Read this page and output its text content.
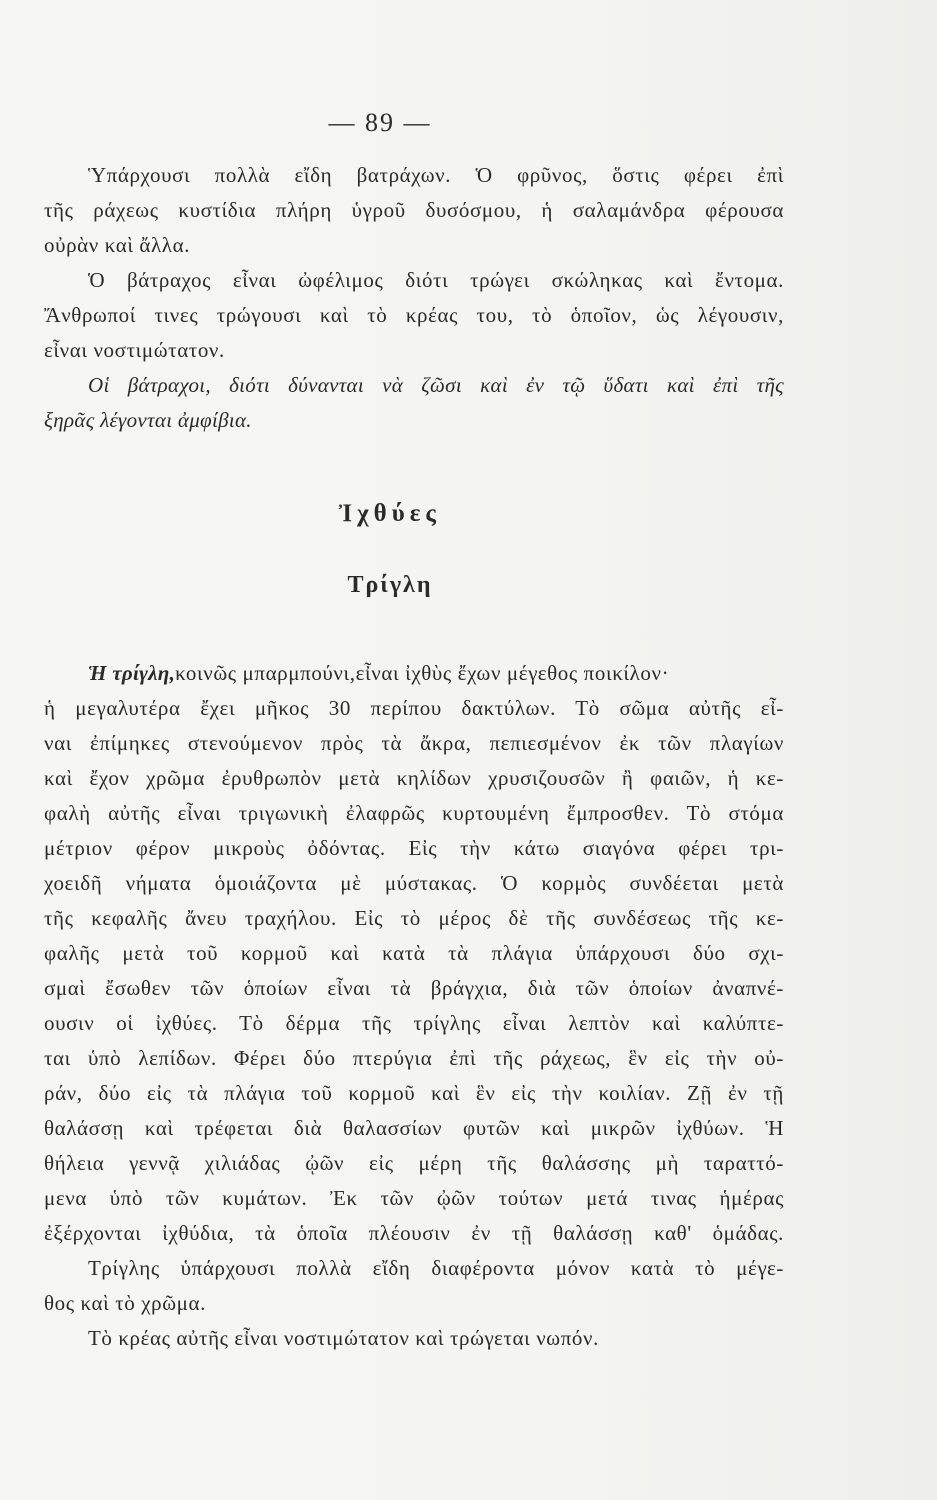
— 89 —
Ὑπάρχουσι πολλὰ εἴδη βατράχων. Ὁ φρῦνος, ὅστις φέρει ἐπὶ
τῆς ράχεως κυστίδια πλήρη ὑγροῦ δυσόσμου, ἡ σαλαμάνδρα φέρουσα
οὐρὰν καὶ ἄλλα.
Ὁ βάτραχος εἶναι ὠφέλιμος διότι τρώγει σκώληκας καὶ ἔντομα.
Ἄνθρωποί τινες τρώγουσι καὶ τὸ κρέας του, τὸ ὁποῖον, ὡς λέγουσιν,
εἶναι νοστιμώτατον.
Οἱ βάτραχοι, διότι δύνανται νὰ ζῶσι καὶ ἐν τῷ ὕδατι καὶ ἐπὶ τῆς
ξηρᾶς λέγονται ἀμφίβια.
Ἰχθύες
Τρίγλη
Ἡ τρίγλη,κοινῶς μπαρμπούνι,εἶναι ἰχθὺς ἔχων μέγεθος ποικίλον·
ἡ μεγαλυτέρα ἔχει μῆκος 30 περίπου δακτύλων. Τὸ σῶμα αὐτῆς εἶ-
ναι ἐπίμηκες στενούμενον πρὸς τὰ ἄκρα, πεπιεσμένον ἐκ τῶν πλαγίων
καὶ ἔχον χρῶμα ἐρυθρωπὸν μετὰ κηλίδων χρυσιζουσῶν ἢ φαιῶν, ἡ κε-
φαλὴ αὐτῆς εἶναι τριγωνικὴ ἐλαφρῶς κυρτουμένη ἔμπροσθεν. Τὸ στόμα
μέτριον φέρον μικροὺς ὀδόντας. Εἰς τὴν κάτω σιαγόνα φέρει τρι-
χοειδῆ νήματα ὁμοιάζοντα μὲ μύστακας. Ὁ κορμὸς συνδέεται μετὰ
τῆς κεφαλῆς ἄνευ τραχήλου. Εἰς τὸ μέρος δὲ τῆς συνδέσεως τῆς κε-
φαλῆς μετὰ τοῦ κορμοῦ καὶ κατὰ τὰ πλάγια ὑπάρχουσι δύο σχι-
σμαὶ ἔσωθεν τῶν ὁποίων εἶναι τὰ βράγχια, διὰ τῶν ὁποίων ἀναπνέ-
ουσιν οἱ ἰχθύες. Τὸ δέρμα τῆς τρίγλης εἶναι λεπτὸν καὶ καλύπτε-
ται ὑπὸ λεπίδων. Φέρει δύο πτερύγια ἐπὶ τῆς ράχεως, ἓν εἰς τὴν οὐ-
ράν, δύο εἰς τὰ πλάγια τοῦ κορμοῦ καὶ ἓν εἰς τὴν κοιλίαν. Ζῇ ἐν τῇ
θαλάσσῃ καὶ τρέφεται διὰ θαλασσίων φυτῶν καὶ μικρῶν ἰχθύων. Ἡ
θήλεια γεννᾷ χιλιάδας ᾠῶν εἰς μέρη τῆς θαλάσσης μὴ ταραττό-
μενα ὑπὸ τῶν κυμάτων. Ἐκ τῶν ᾠῶν τούτων μετά τινας ἡμέρας
ἐξέρχονται ἰχθύδια, τὰ ὁποῖα πλέουσιν ἐν τῇ θαλάσσῃ καθ' ὁμάδας.
Τρίγλης ὑπάρχουσι πολλὰ εἴδη διαφέροντα μόνον κατὰ τὸ μέγε-
θος καὶ τὸ χρῶμα.
Τὸ κρέας αὐτῆς εἶναι νοστιμώτατον καὶ τρώγεται νωπόν.
